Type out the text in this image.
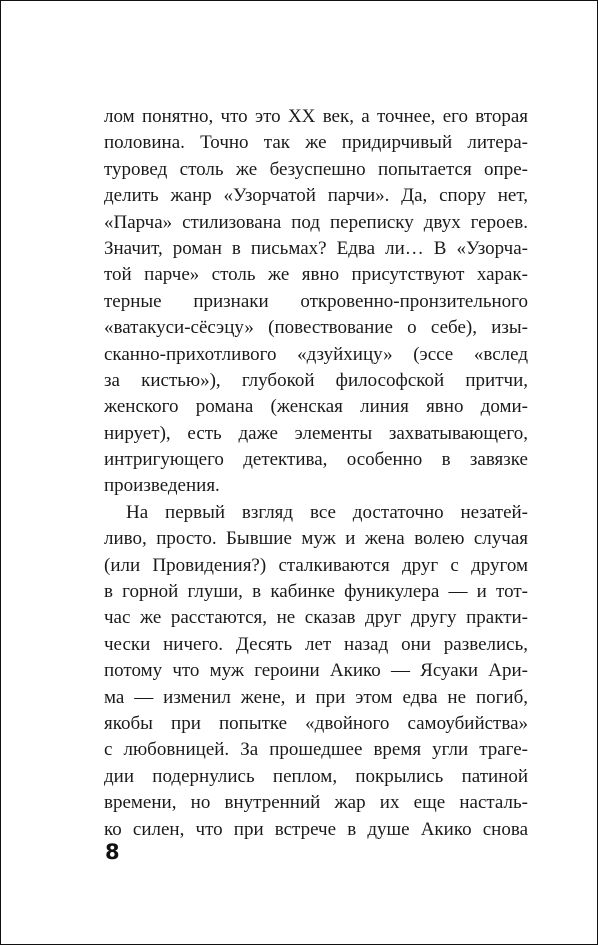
лом понятно, что это XX век, а точнее, его вторая
половина. Точно так же придирчивый литера-
туровед столь же безуспешно попытается опре-
делить жанр «Узорчатой парчи». Да, спору нет,
«Парча» стилизована под переписку двух героев.
Значит, роман в письмах? Едва ли… В «Узорча-
той парче» столь же явно присутствуют харак-
терные признаки откровенно-пронзительного
«ватакуси-сёсэцу» (повествование о себе), изы-
сканно-прихотливого «дзуйхицу» (эссе «вслед
за кистью»), глубокой философской притчи,
женского романа (женская линия явно доми-
нирует), есть даже элементы захватывающего,
интригующего детектива, особенно в завязке
произведения.
На первый взгляд все достаточно незатей-
ливо, просто. Бывшие муж и жена волею случая
(или Провидения?) сталкиваются друг с другом
в горной глуши, в кабинке фуникулера — и тот-
час же расстаются, не сказав друг другу практи-
чески ничего. Десять лет назад они развелись,
потому что муж героини Акико — Ясуаки Ари-
ма — изменил жене, и при этом едва не погиб,
якобы при попытке «двойного самоубийства»
с любовницей. За прошедшее время угли траге-
дии подернулись пеплом, покрылись патиной
времени, но внутренний жар их еще насталь-
ко силен, что при встрече в душе Акико снова
8
